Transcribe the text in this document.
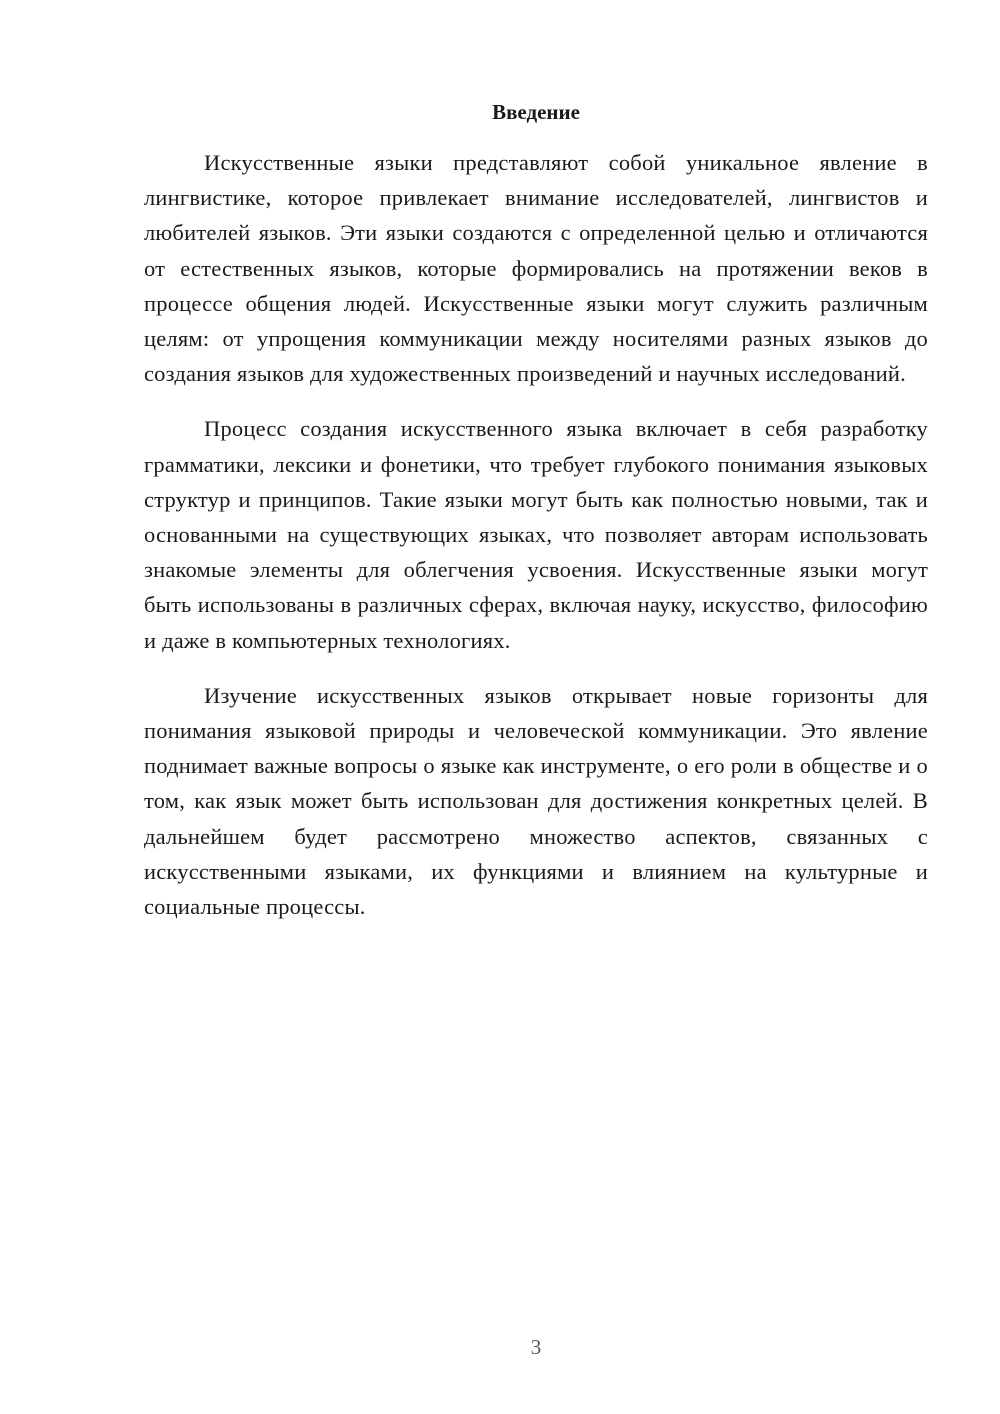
Введение

Искусственные языки представляют собой уникальное явление в лингвистике, которое привлекает внимание исследователей, лингвистов и любителей языков. Эти языки создаются с определенной целью и отличаются от естественных языков, которые формировались на протяжении веков в процессе общения людей. Искусственные языки могут служить различным целям: от упрощения коммуникации между носителями разных языков до создания языков для художественных произведений и научных исследований.

Процесс создания искусственного языка включает в себя разработку грамматики, лексики и фонетики, что требует глубокого понимания языковых структур и принципов. Такие языки могут быть как полностью новыми, так и основанными на существующих языках, что позволяет авторам использовать знакомые элементы для облегчения усвоения. Искусственные языки могут быть использованы в различных сферах, включая науку, искусство, философию и даже в компьютерных технологиях.

Изучение искусственных языков открывает новые горизонты для понимания языковой природы и человеческой коммуникации. Это явление поднимает важные вопросы о языке как инструменте, о его роли в обществе и о том, как язык может быть использован для достижения конкретных целей. В дальнейшем будет рассмотрено множество аспектов, связанных с искусственными языками, их функциями и влиянием на культурные и социальные процессы.

3
